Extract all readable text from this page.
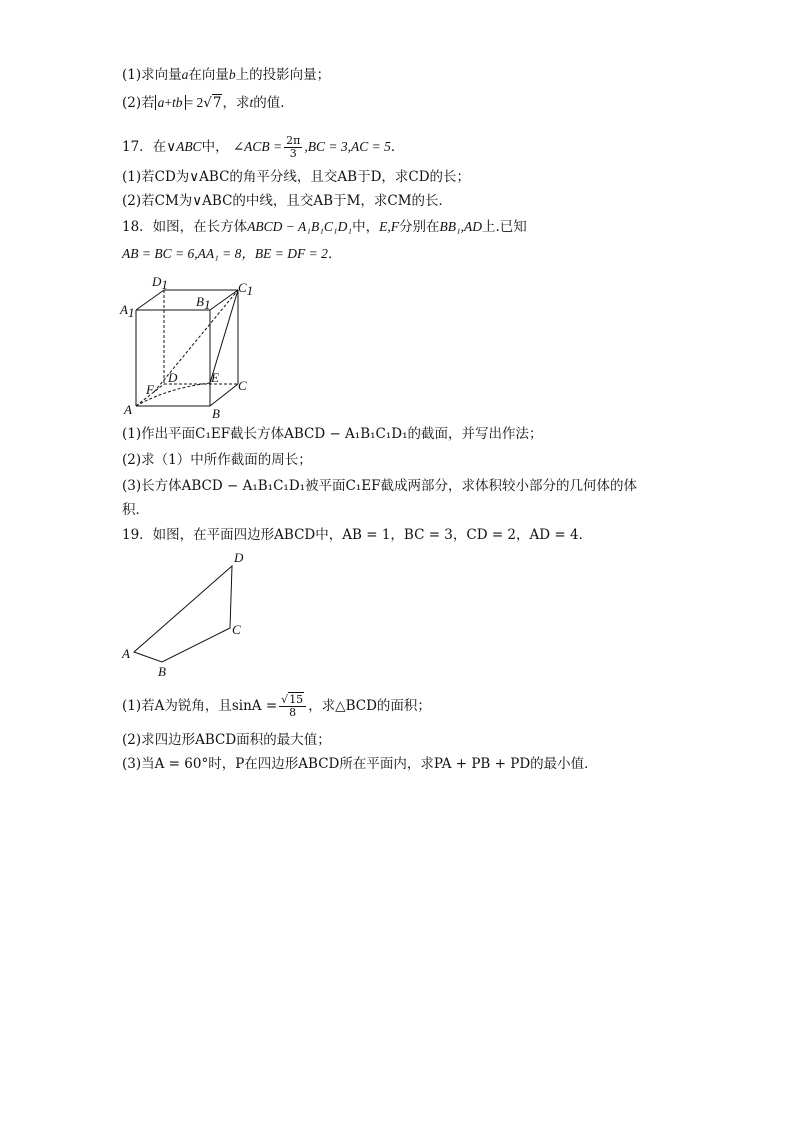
(1)求向量a在向量b上的投影向量；
(2)若 a+tb = 2√7，求t的值．
17．在∨ABC中， ∠ACB = $\frac{2\pi}{3} ,BC = 3,AC = 5$．
(1)若CD为∨ABC的角平分线，且交AB于D，求CD的长；
(2)若CM为∨ABC的中线，且交AB于M，求CM的长．
18．如图，在长方体ABCD − A₁B₁C₁D₁中，E,F分别在BB₁,AD上.已知
AB = BC = 6,AA₁ = 8，BE = DF = 2．
D1
A1
B1
C1
D	E
C
F
A	B
(1)作出平面C₁EF截长方体ABCD − A₁B₁C₁D₁的截面，并写出作法；
(2)求（1）中所作截面的周长；
(3)长方体ABCD − A₁B₁C₁D₁被平面C₁EF截成两部分，求体积较小部分的几何体的体
积．
19．如图，在平面四边形ABCD中，AB = 1，BC = 3，CD = 2，AD = 4．
D
C
A
B
(1)若A为锐角，且$\sin A = \frac{√15}{8}$ ，求△BCD的面积；
(2)求四边形ABCD面积的最大值；
(3)当A = 60°时，P在四边形ABCD所在平面内，求PA + PB + PD的最小值．
